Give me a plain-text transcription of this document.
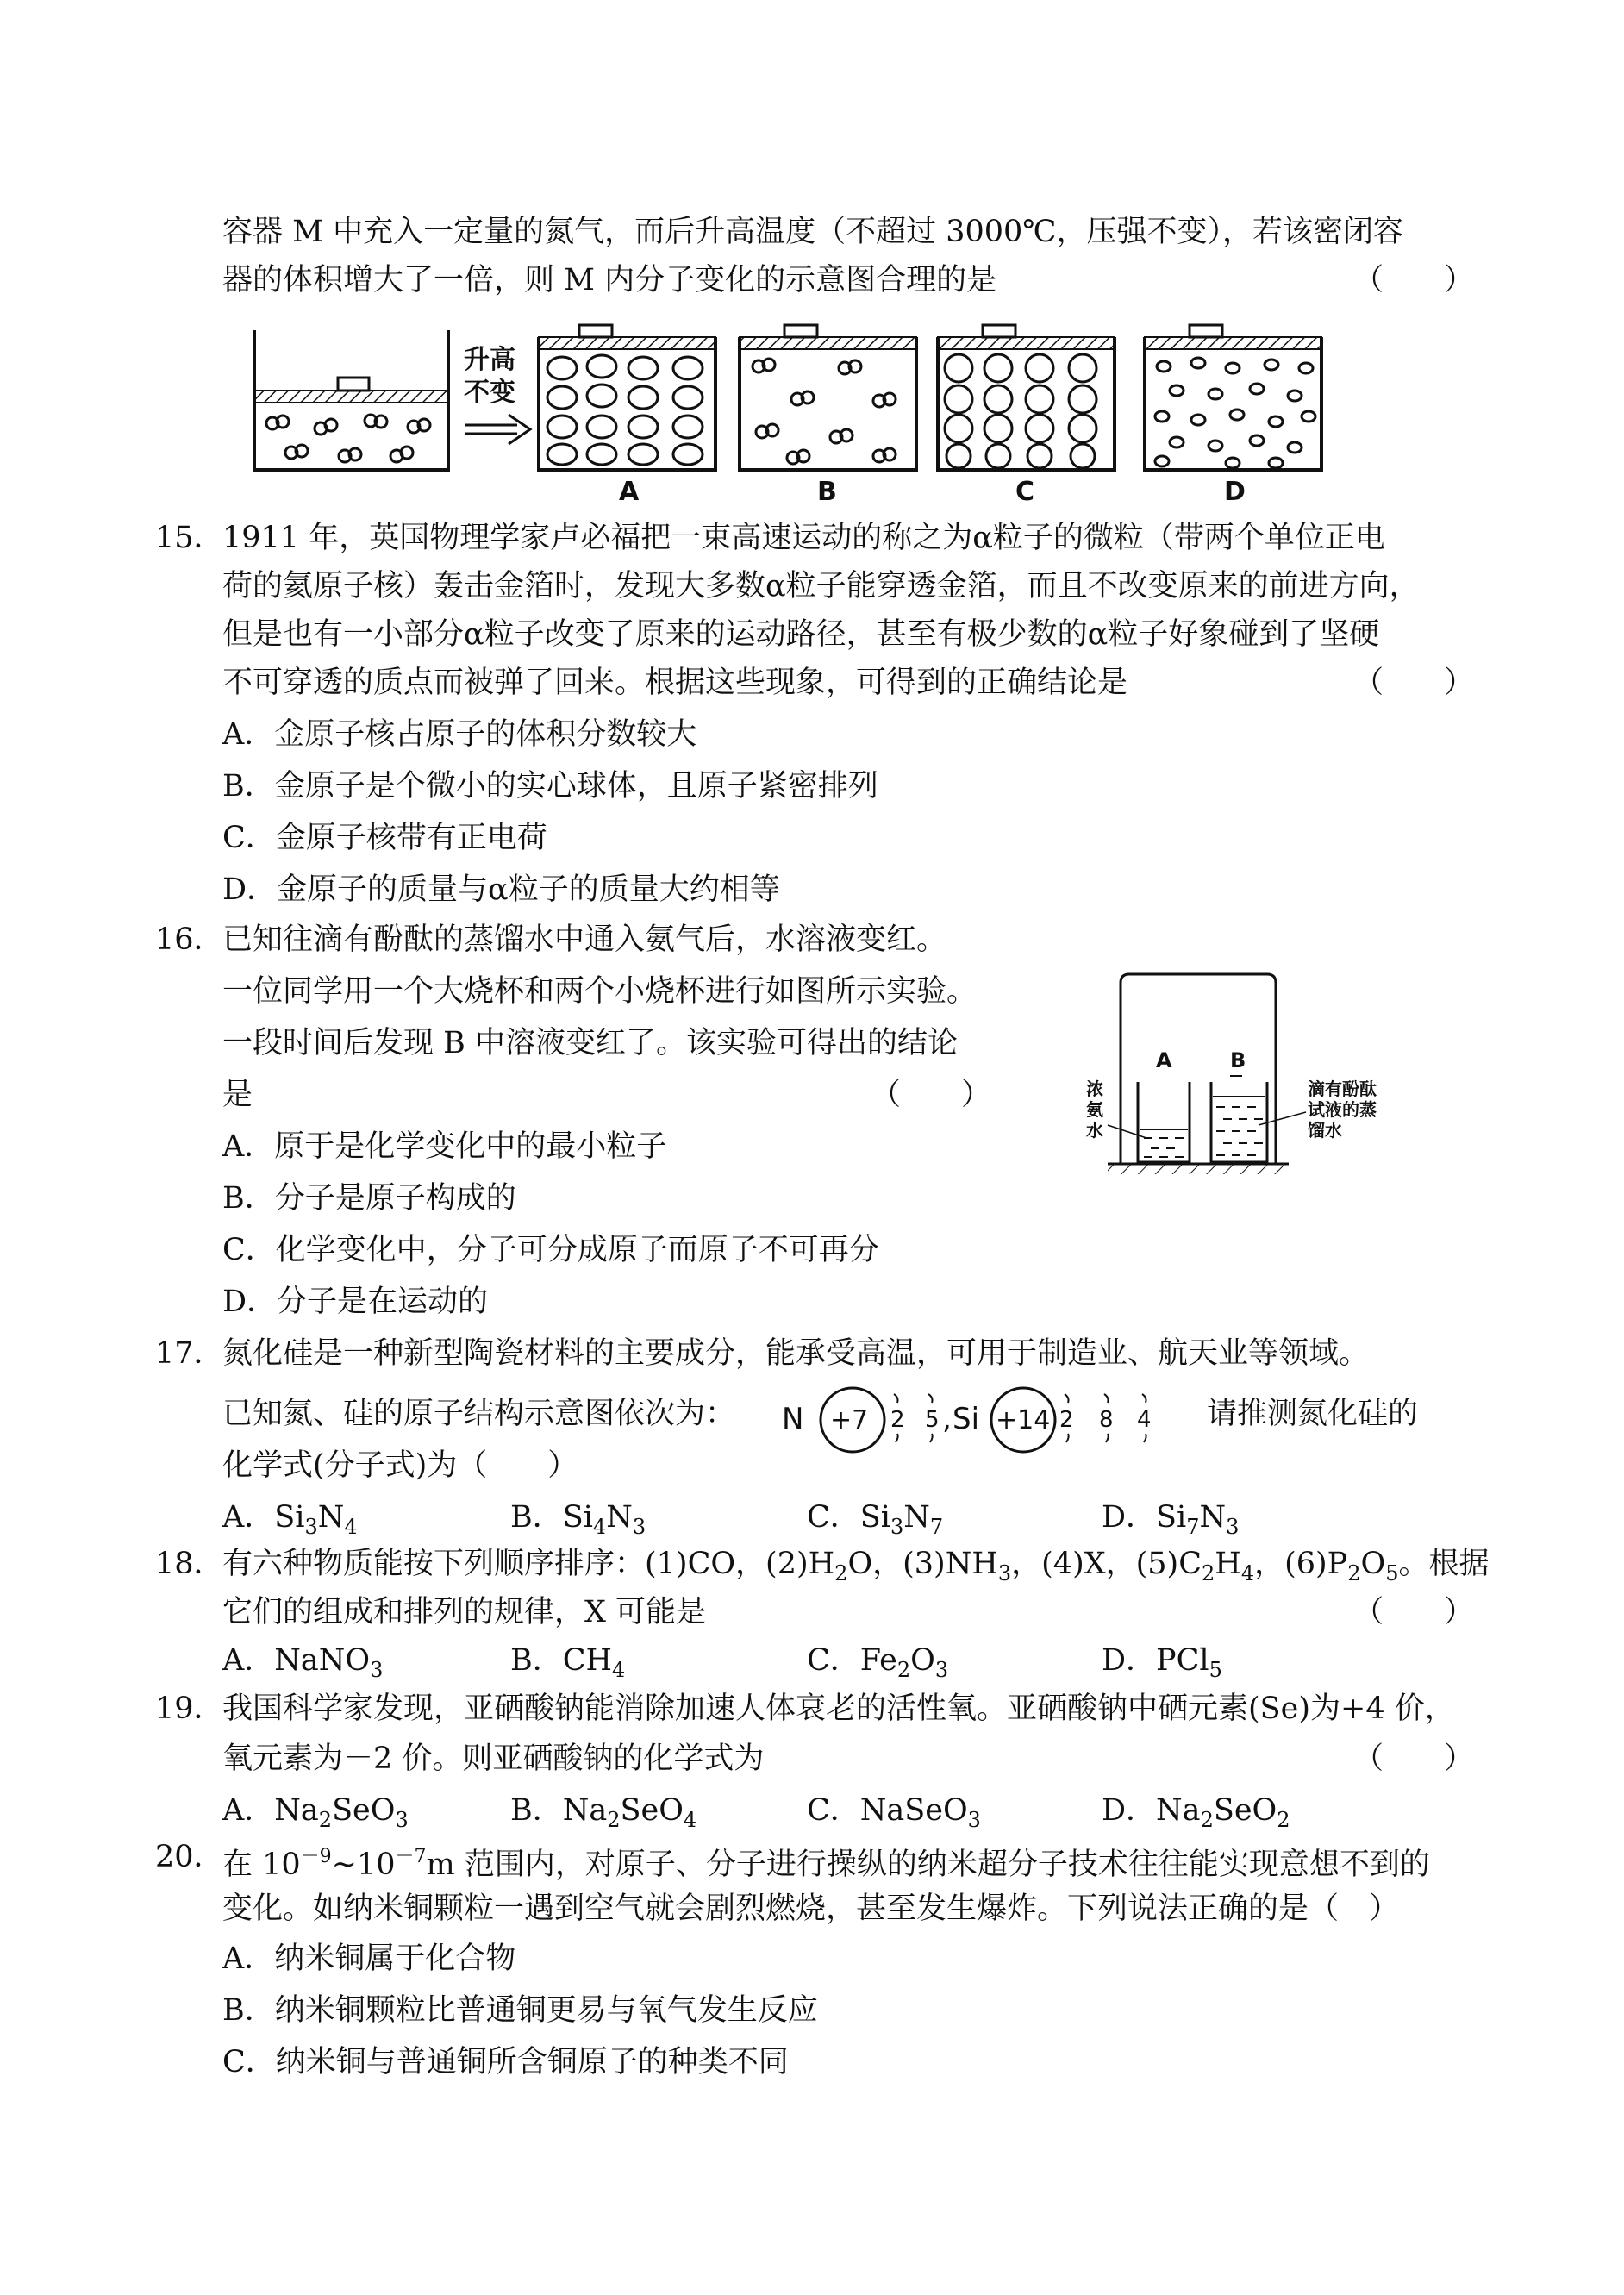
容器 M 中充入一定量的氮气，而后升高温度（不超过 3000℃，压强不变），若该密闭容
器的体积增大了一倍，则 M 内分子变化的示意图合理的是	（　　）
升高
不变
A	B	C	D
15．
1911 年，英国物理学家卢必福把一束高速运动的称之为α粒子的微粒（带两个单位正电
荷的氦原子核）轰击金箔时，发现大多数α粒子能穿透金箔，而且不改变原来的前进方向，
但是也有一小部分α粒子改变了原来的运动路径，甚至有极少数的α粒子好象碰到了坚硬
不可穿透的质点而被弹了回来。根据这些现象，可得到的正确结论是	（　　）
A．金原子核占原子的体积分数较大
B．金原子是个微小的实心球体，且原子紧密排列
C．金原子核带有正电荷
D．金原子的质量与α粒子的质量大约相等
16．
已知往滴有酚酞的蒸馏水中通入氨气后，水溶液变红。
一位同学用一个大烧杯和两个小烧杯进行如图所示实验。
一段时间后发现 B 中溶液变红了。该实验可得出的结论
是	（　　）
A．原于是化学变化中的最小粒子
B．分子是原子构成的
C．化学变化中，分子可分成原子而原子不可再分
D．分子是在运动的
A	B
浓
氨
水
滴有酚酞
试液的蒸
馏水
17．
氮化硅是一种新型陶瓷材料的主要成分，能承受高温，可用于制造业、航天业等领域。
已知氮、硅的原子结构示意图依次为：	请推测氮化硅的
化学式(分子式)为（　　）
N +7 2 5 , Si +14 2 8 4
A．$Si_3N_4$	B．$Si_4N_3$	C．$Si_3N_7$	D．$Si_7N_3$
18．
有六种物质能按下列顺序排序：(1)CO，$(2)H_2O$，$(3)NH_3$，(4)X，$(5)C_2H_4$，$(6)P_2O_5$。根据
它们的组成和排列的规律，X 可能是	（　　）
A．NaNO$_3$	B．$CH_4$	C．$Fe_2O_3$	D．PCl$_5$
19．
我国科学家发现，亚硒酸钠能消除加速人体衰老的活性氧。亚硒酸钠中硒元素(Se)为+4 价，
氧元素为－2 价。则亚硒酸钠的化学式为	（　　）
A．$Na_2SeO_3$	B．$Na_2SeO_4$	C．NaSeO$_3$	D．$Na_2SeO_2$
20．
在 $10^{-9}\sim 10^{-7}m$ 范围内，对原子、分子进行操纵的纳米超分子技术往往能实现意想不到的
变化。如纳米铜颗粒一遇到空气就会剧烈燃烧，甚至发生爆炸。下列说法正确的是（　）
A．纳米铜属于化合物
B．纳米铜颗粒比普通铜更易与氧气发生反应
C．纳米铜与普通铜所含铜原子的种类不同
